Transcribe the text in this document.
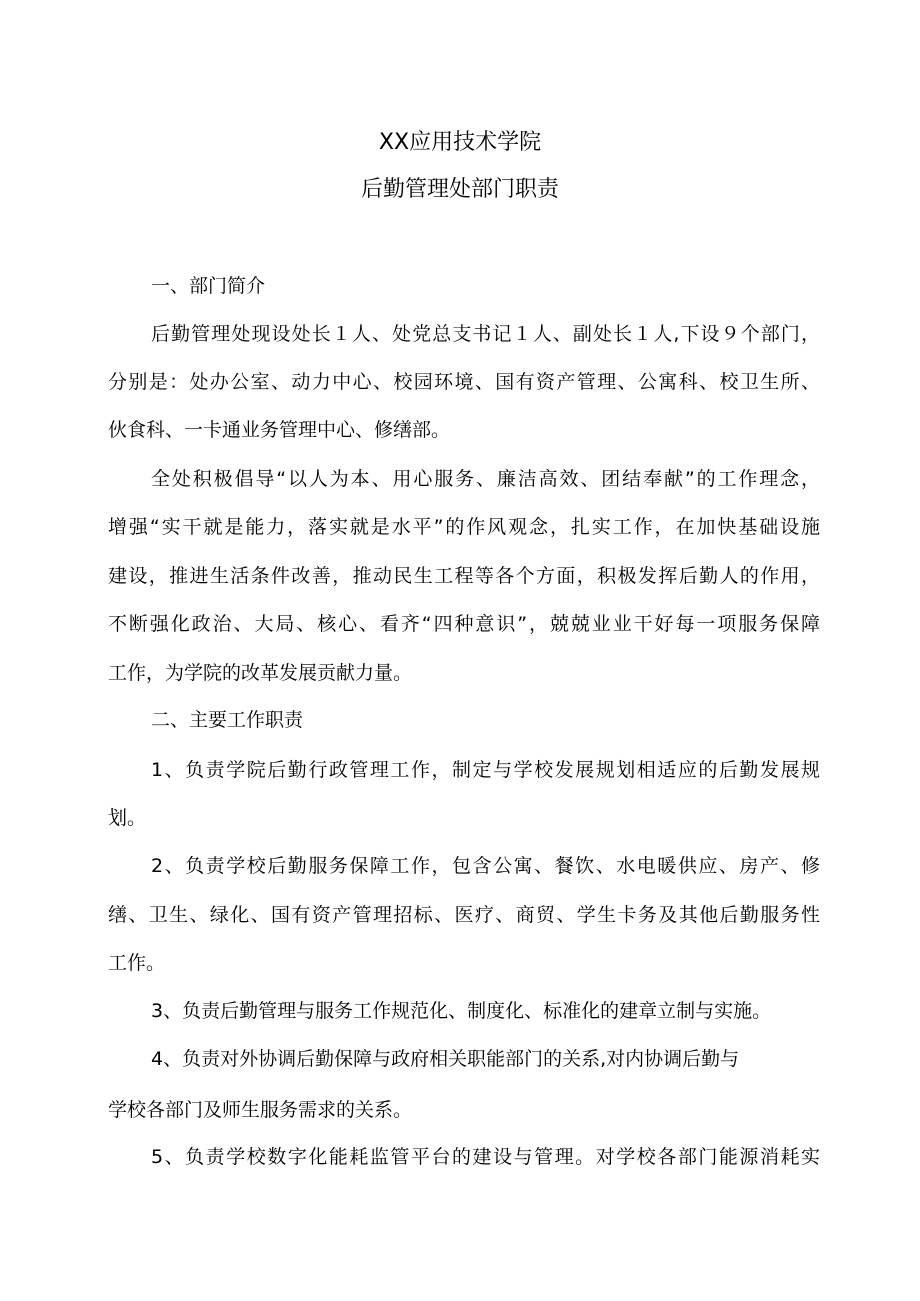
XX应用技术学院
后勤管理处部门职责
一、部门简介
后勤管理处现设处长１人、处党总支书记１人、副处长１人,下设９个部门，
分别是：处办公室、动力中心、校园环境、国有资产管理、公寓科、校卫生所、
伙食科、一卡通业务管理中心、修缮部。
全处积极倡导“以人为本、用心服务、廉洁高效、团结奉献”的工作理念，
增强“实干就是能力，落实就是水平”的作风观念，扎实工作，在加快基础设施
建设，推进生活条件改善，推动民生工程等各个方面，积极发挥后勤人的作用，
不断强化政治、大局、核心、看齐“四种意识”，兢兢业业干好每一项服务保障
工作，为学院的改革发展贡献力量。
二、主要工作职责
1、负责学院后勤行政管理工作，制定与学校发展规划相适应的后勤发展规
划。
2、负责学校后勤服务保障工作，包含公寓、餐饮、水电暖供应、房产、修
缮、卫生、绿化、国有资产管理招标、医疗、商贸、学生卡务及其他后勤服务性
工作。
3、负责后勤管理与服务工作规范化、制度化、标准化的建章立制与实施。
4、负责对外协调后勤保障与政府相关职能部门的关系,对内协调后勤与
学校各部门及师生服务需求的关系。
5、负责学校数字化能耗监管平台的建设与管理。对学校各部门能源消耗实
